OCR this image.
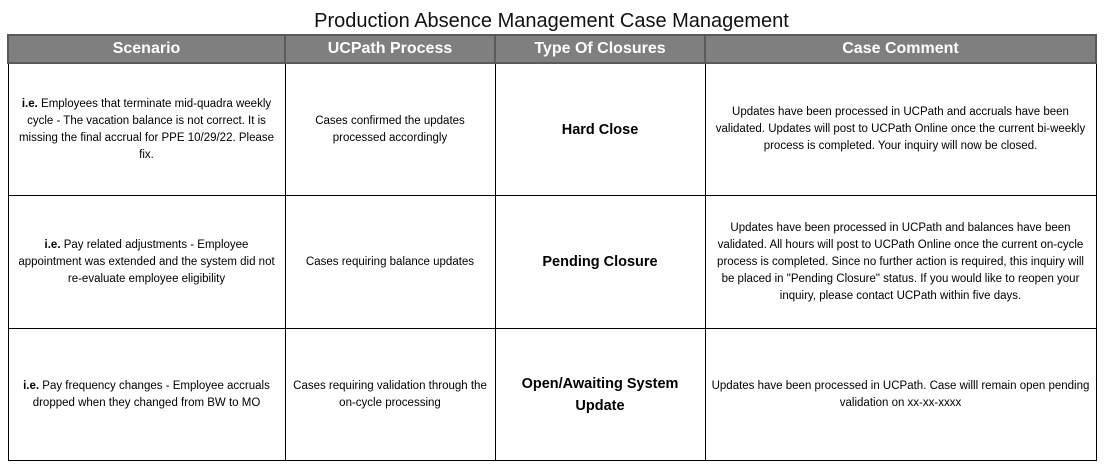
Production Absence Management Case Management
Scenario	UCPath Process	Type Of Closures	Case Comment
i.e. Employees that terminate mid-quadra weekly cycle - The vacation balance is not correct. It is missing the final accrual for PPE 10/29/22. Please fix.	Cases confirmed the updates processed accordingly	Hard Close	Updates have been processed in UCPath and accruals have been validated. Updates will post to UCPath Online once the current bi-weekly process is completed. Your inquiry will now be closed.
i.e. Pay related adjustments - Employee appointment was extended and the system did not re-evaluate employee eligibility	Cases requiring balance updates	Pending Closure	Updates have been processed in UCPath and balances have been validated. All hours will post to UCPath Online once the current on-cycle process is completed. Since no further action is required, this inquiry will be placed in "Pending Closure" status. If you would like to reopen your inquiry, please contact UCPath within five days.
i.e. Pay frequency changes - Employee accruals dropped when they changed from BW to MO	Cases requiring validation through the on-cycle processing	Open/Awaiting System Update	Updates have been processed in UCPath. Case willl remain open pending validation on xx-xx-xxxx
